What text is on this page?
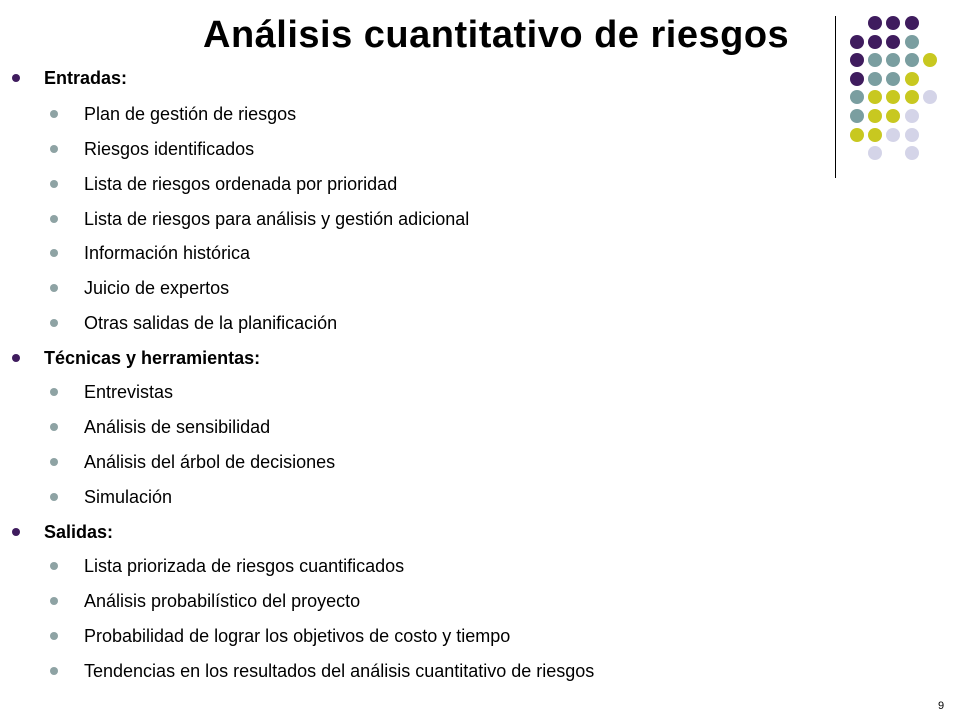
Análisis cuantitativo de riesgos
Entradas:
Plan de gestión de riesgos
Riesgos identificados
Lista de riesgos ordenada por prioridad
Lista de riesgos para análisis y gestión adicional
Información histórica
Juicio de expertos
Otras salidas de la planificación
Técnicas y herramientas:
Entrevistas
Análisis de sensibilidad
Análisis del árbol de decisiones
Simulación
Salidas:
Lista priorizada de riesgos cuantificados
Análisis probabilístico del proyecto
Probabilidad de lograr los objetivos de costo y tiempo
Tendencias en los resultados del análisis cuantitativo de riesgos
9
